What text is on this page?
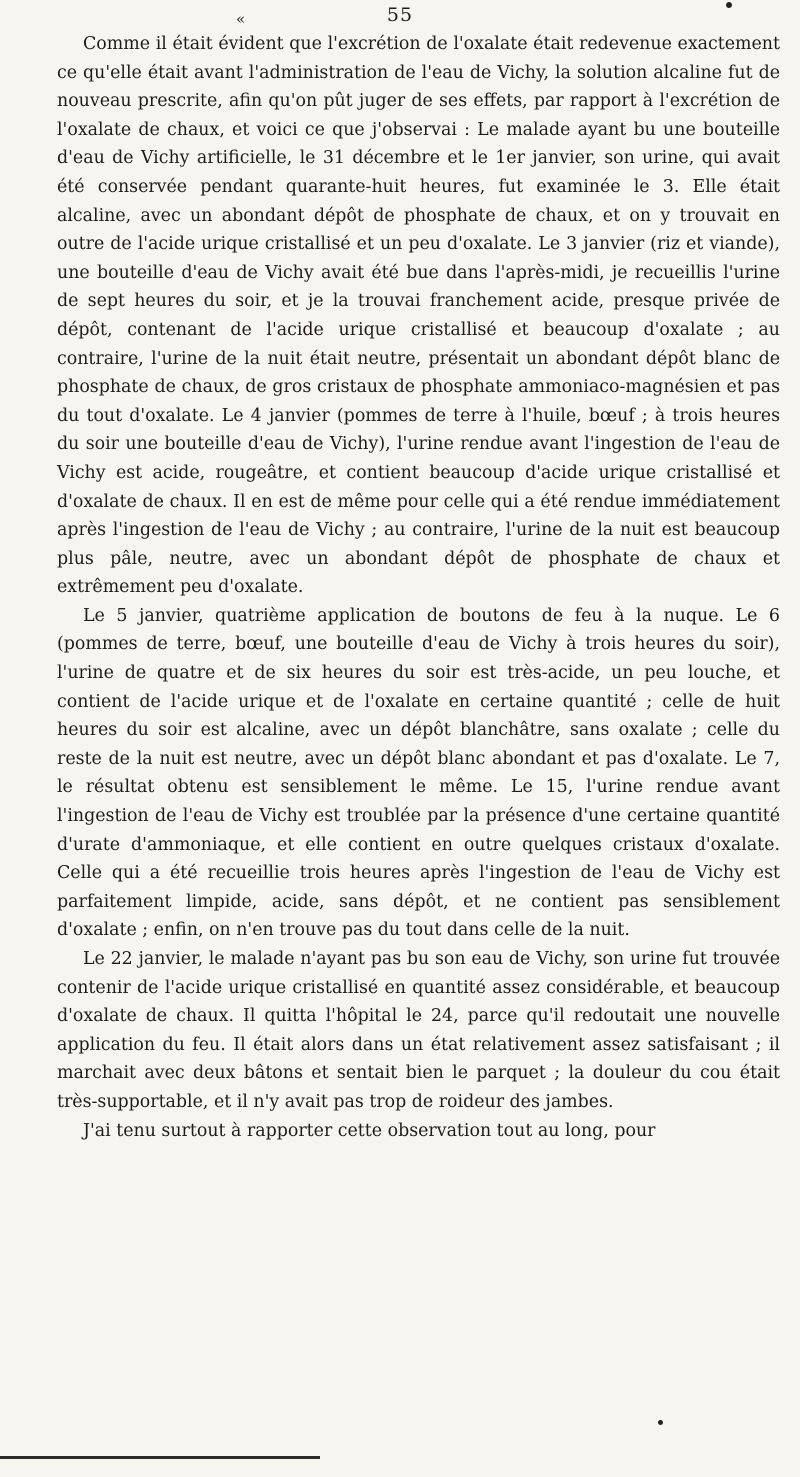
«	55

Comme il était évident que l'excrétion de l'oxalate était redevenue exactement ce qu'elle était avant l'administration de l'eau de Vichy, la solution alcaline fut de nouveau prescrite, afin qu'on pût juger de ses effets, par rapport à l'excrétion de l'oxalate de chaux, et voici ce que j'observai : Le malade ayant bu une bouteille d'eau de Vichy artificielle, le 31 décembre et le 1er janvier, son urine, qui avait été conservée pendant quarante-huit heures, fut examinée le 3. Elle était alcaline, avec un abondant dépôt de phosphate de chaux, et on y trouvait en outre de l'acide urique cristallisé et un peu d'oxalate. Le 3 janvier (riz et viande), une bouteille d'eau de Vichy avait été bue dans l'après-midi, je recueillis l'urine de sept heures du soir, et je la trouvai franchement acide, presque privée de dépôt, contenant de l'acide urique cristallisé et beaucoup d'oxalate ; au contraire, l'urine de la nuit était neutre, présentait un abondant dépôt blanc de phosphate de chaux, de gros cristaux de phosphate ammoniaco-magnésien et pas du tout d'oxalate. Le 4 janvier (pommes de terre à l'huile, bœuf ; à trois heures du soir une bouteille d'eau de Vichy), l'urine rendue avant l'ingestion de l'eau de Vichy est acide, rougeâtre, et contient beaucoup d'acide urique cristallisé et d'oxalate de chaux. Il en est de même pour celle qui a été rendue immédiatement après l'ingestion de l'eau de Vichy ; au contraire, l'urine de la nuit est beaucoup plus pâle, neutre, avec un abondant dépôt de phosphate de chaux et extrêmement peu d'oxalate.

Le 5 janvier, quatrième application de boutons de feu à la nuque. Le 6 (pommes de terre, bœuf, une bouteille d'eau de Vichy à trois heures du soir), l'urine de quatre et de six heures du soir est très-acide, un peu louche, et contient de l'acide urique et de l'oxalate en certaine quantité ; celle de huit heures du soir est alcaline, avec un dépôt blanchâtre, sans oxalate ; celle du reste de la nuit est neutre, avec un dépôt blanc abondant et pas d'oxalate. Le 7, le résultat obtenu est sensiblement le même. Le 15, l'urine rendue avant l'ingestion de l'eau de Vichy est troublée par la présence d'une certaine quantité d'urate d'ammoniaque, et elle contient en outre quelques cristaux d'oxalate. Celle qui a été recueillie trois heures après l'ingestion de l'eau de Vichy est parfaitement limpide, acide, sans dépôt, et ne contient pas sensiblement d'oxalate ; enfin, on n'en trouve pas du tout dans celle de la nuit.

Le 22 janvier, le malade n'ayant pas bu son eau de Vichy, son urine fut trouvée contenir de l'acide urique cristallisé en quantité assez considérable, et beaucoup d'oxalate de chaux. Il quitta l'hôpital le 24, parce qu'il redoutait une nouvelle application du feu. Il était alors dans un état relativement assez satisfaisant ; il marchait avec deux bâtons et sentait bien le parquet ; la douleur du cou était très-supportable, et il n'y avait pas trop de roideur des jambes.

J'ai tenu surtout à rapporter cette observation tout au long, pour
